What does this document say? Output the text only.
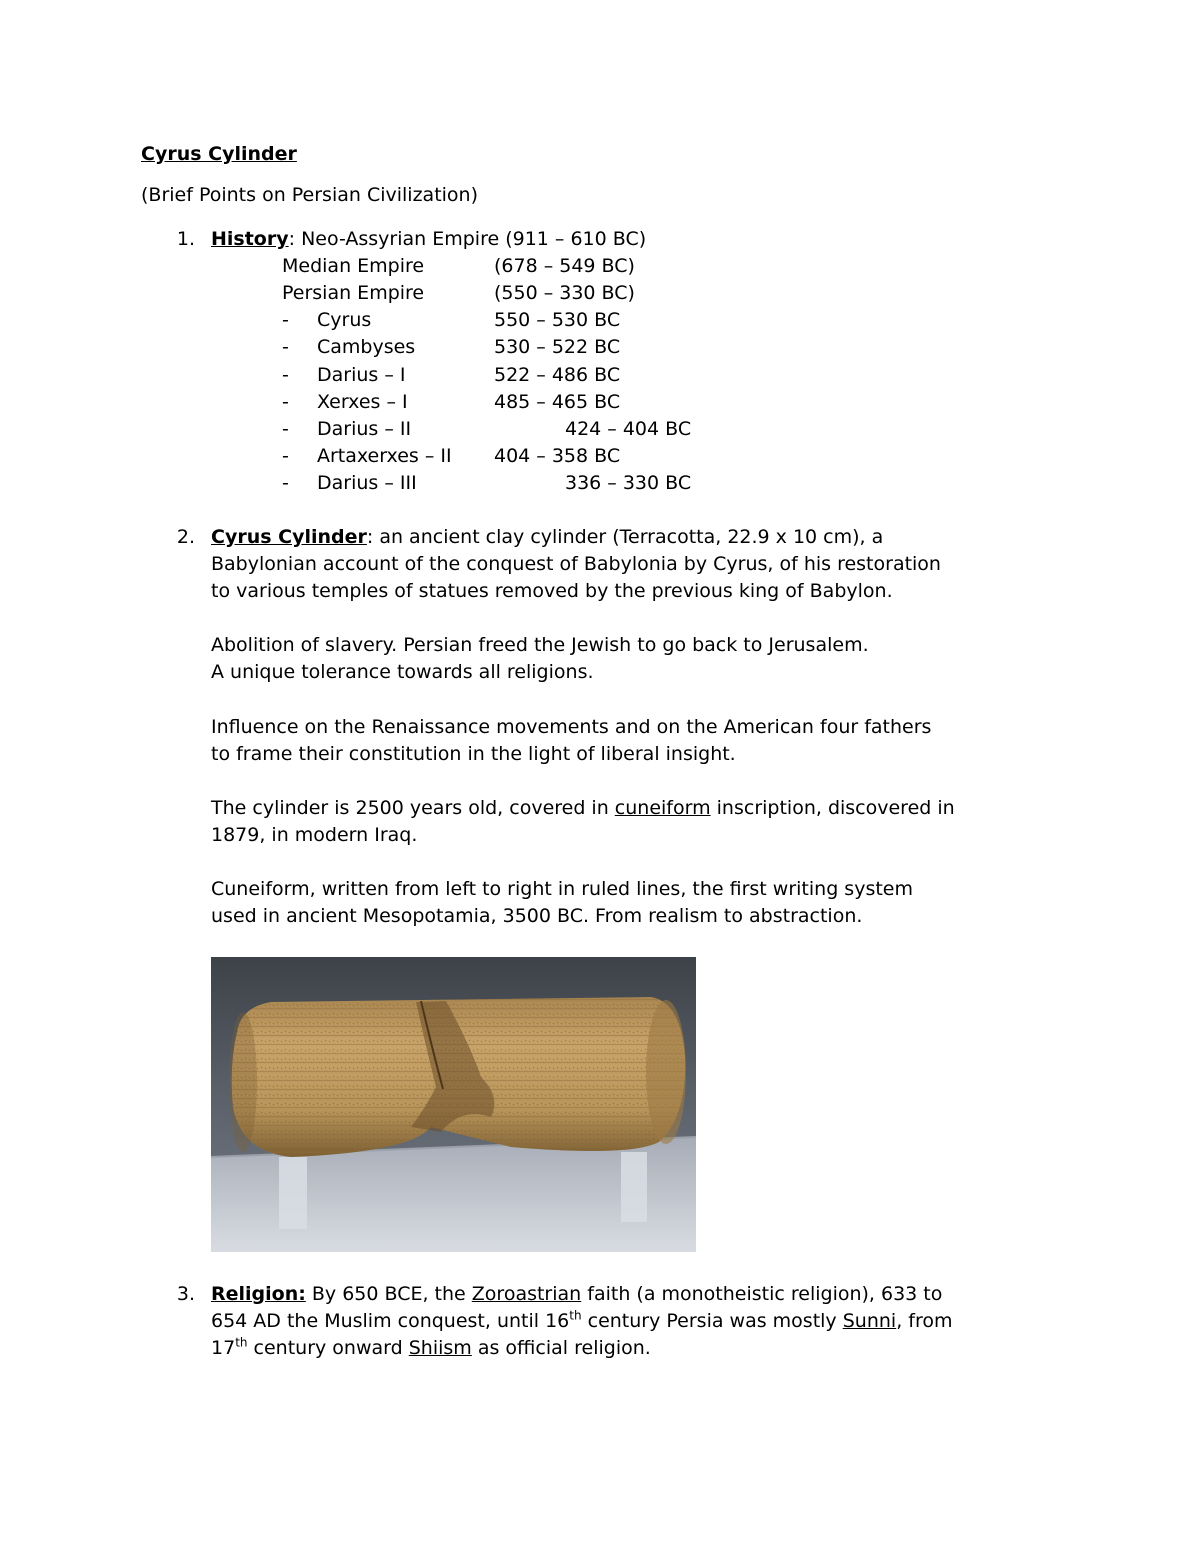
Cyrus Cylinder
(Brief Points on Persian Civilization)
1. History: Neo-Assyrian Empire (911 – 610 BC)
Median Empire	(678 – 549 BC)
Persian Empire	(550 – 330 BC)
- Cyrus	550 – 530 BC
- Cambyses	530 – 522 BC
- Darius – I	522 – 486 BC
- Xerxes – I	485 – 465 BC
- Darius – II	424 – 404 BC
- Artaxerxes – II 404 – 358 BC
- Darius – III	336 – 330 BC
2. Cyrus Cylinder: an ancient clay cylinder (Terracotta, 22.9 x 10 cm), a
Babylonian account of the conquest of Babylonia by Cyrus, of his restoration
to various temples of statues removed by the previous king of Babylon.
Abolition of slavery. Persian freed the Jewish to go back to Jerusalem.
A unique tolerance towards all religions.
Influence on the Renaissance movements and on the American four fathers
to frame their constitution in the light of liberal insight.
The cylinder is 2500 years old, covered in cuneiform inscription, discovered in
1879, in modern Iraq.
Cuneiform, written from left to right in ruled lines, the first writing system
used in ancient Mesopotamia, 3500 BC. From realism to abstraction.
3. Religion: By 650 BCE, the Zoroastrian faith (a monotheistic religion), 633 to
654 AD the Muslim conquest, until 16th century Persia was mostly Sunni, from
17th century onward Shiism as official religion.
